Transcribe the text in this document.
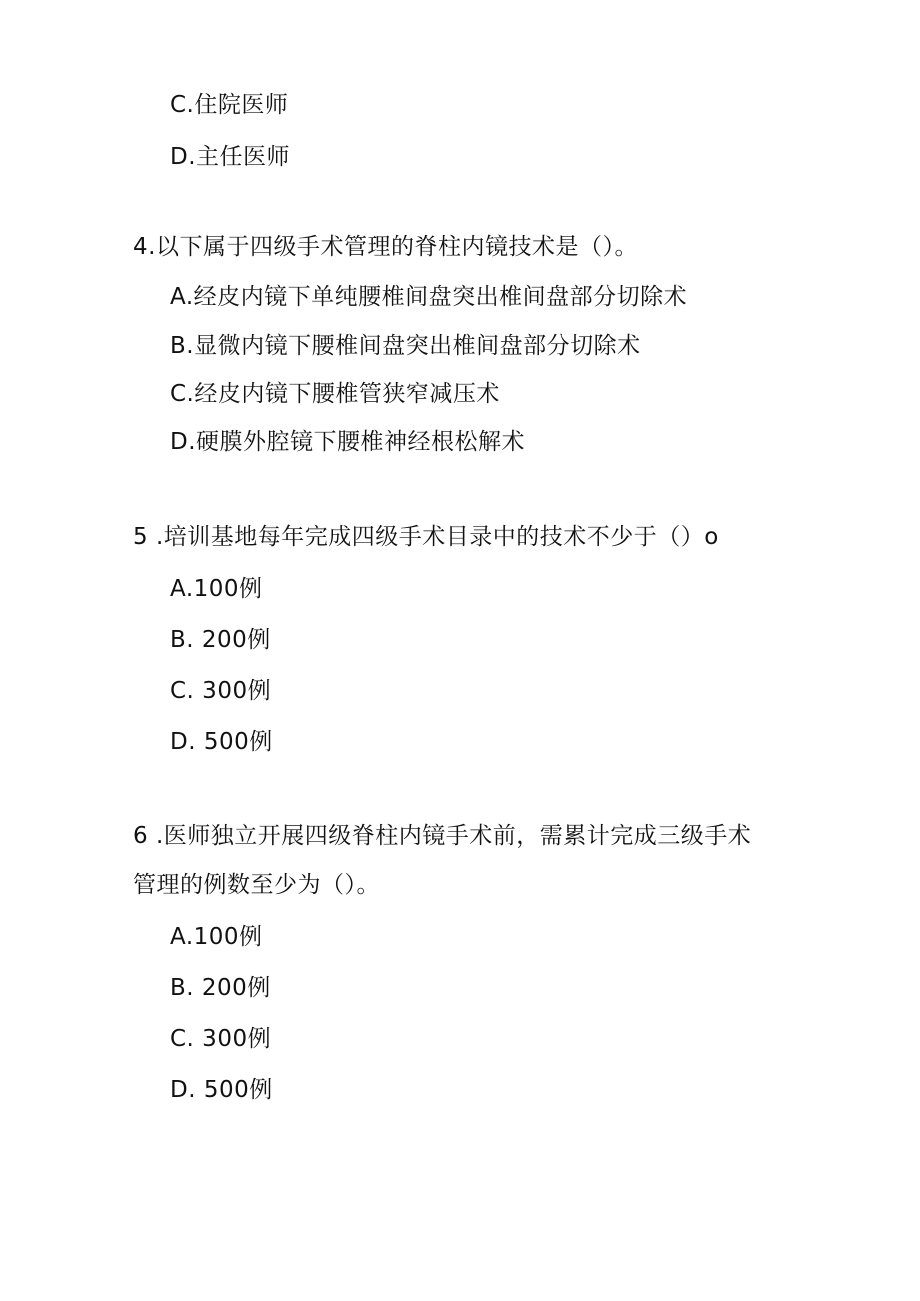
C.住院医师
D.主任医师
4.以下属于四级手术管理的脊柱内镜技术是（）。
A.经皮内镜下单纯腰椎间盘突出椎间盘部分切除术
B.显微内镜下腰椎间盘突出椎间盘部分切除术
C.经皮内镜下腰椎管狭窄减压术
D.硬膜外腔镜下腰椎神经根松解术
5 .培训基地每年完成四级手术目录中的技术不少于（）o
A.100例
B. 200例
C. 300例
D. 500例
6 .医师独立开展四级脊柱内镜手术前，需累计完成三级手术
管理的例数至少为（）。
A.100例
B. 200例
C. 300例
D. 500例
